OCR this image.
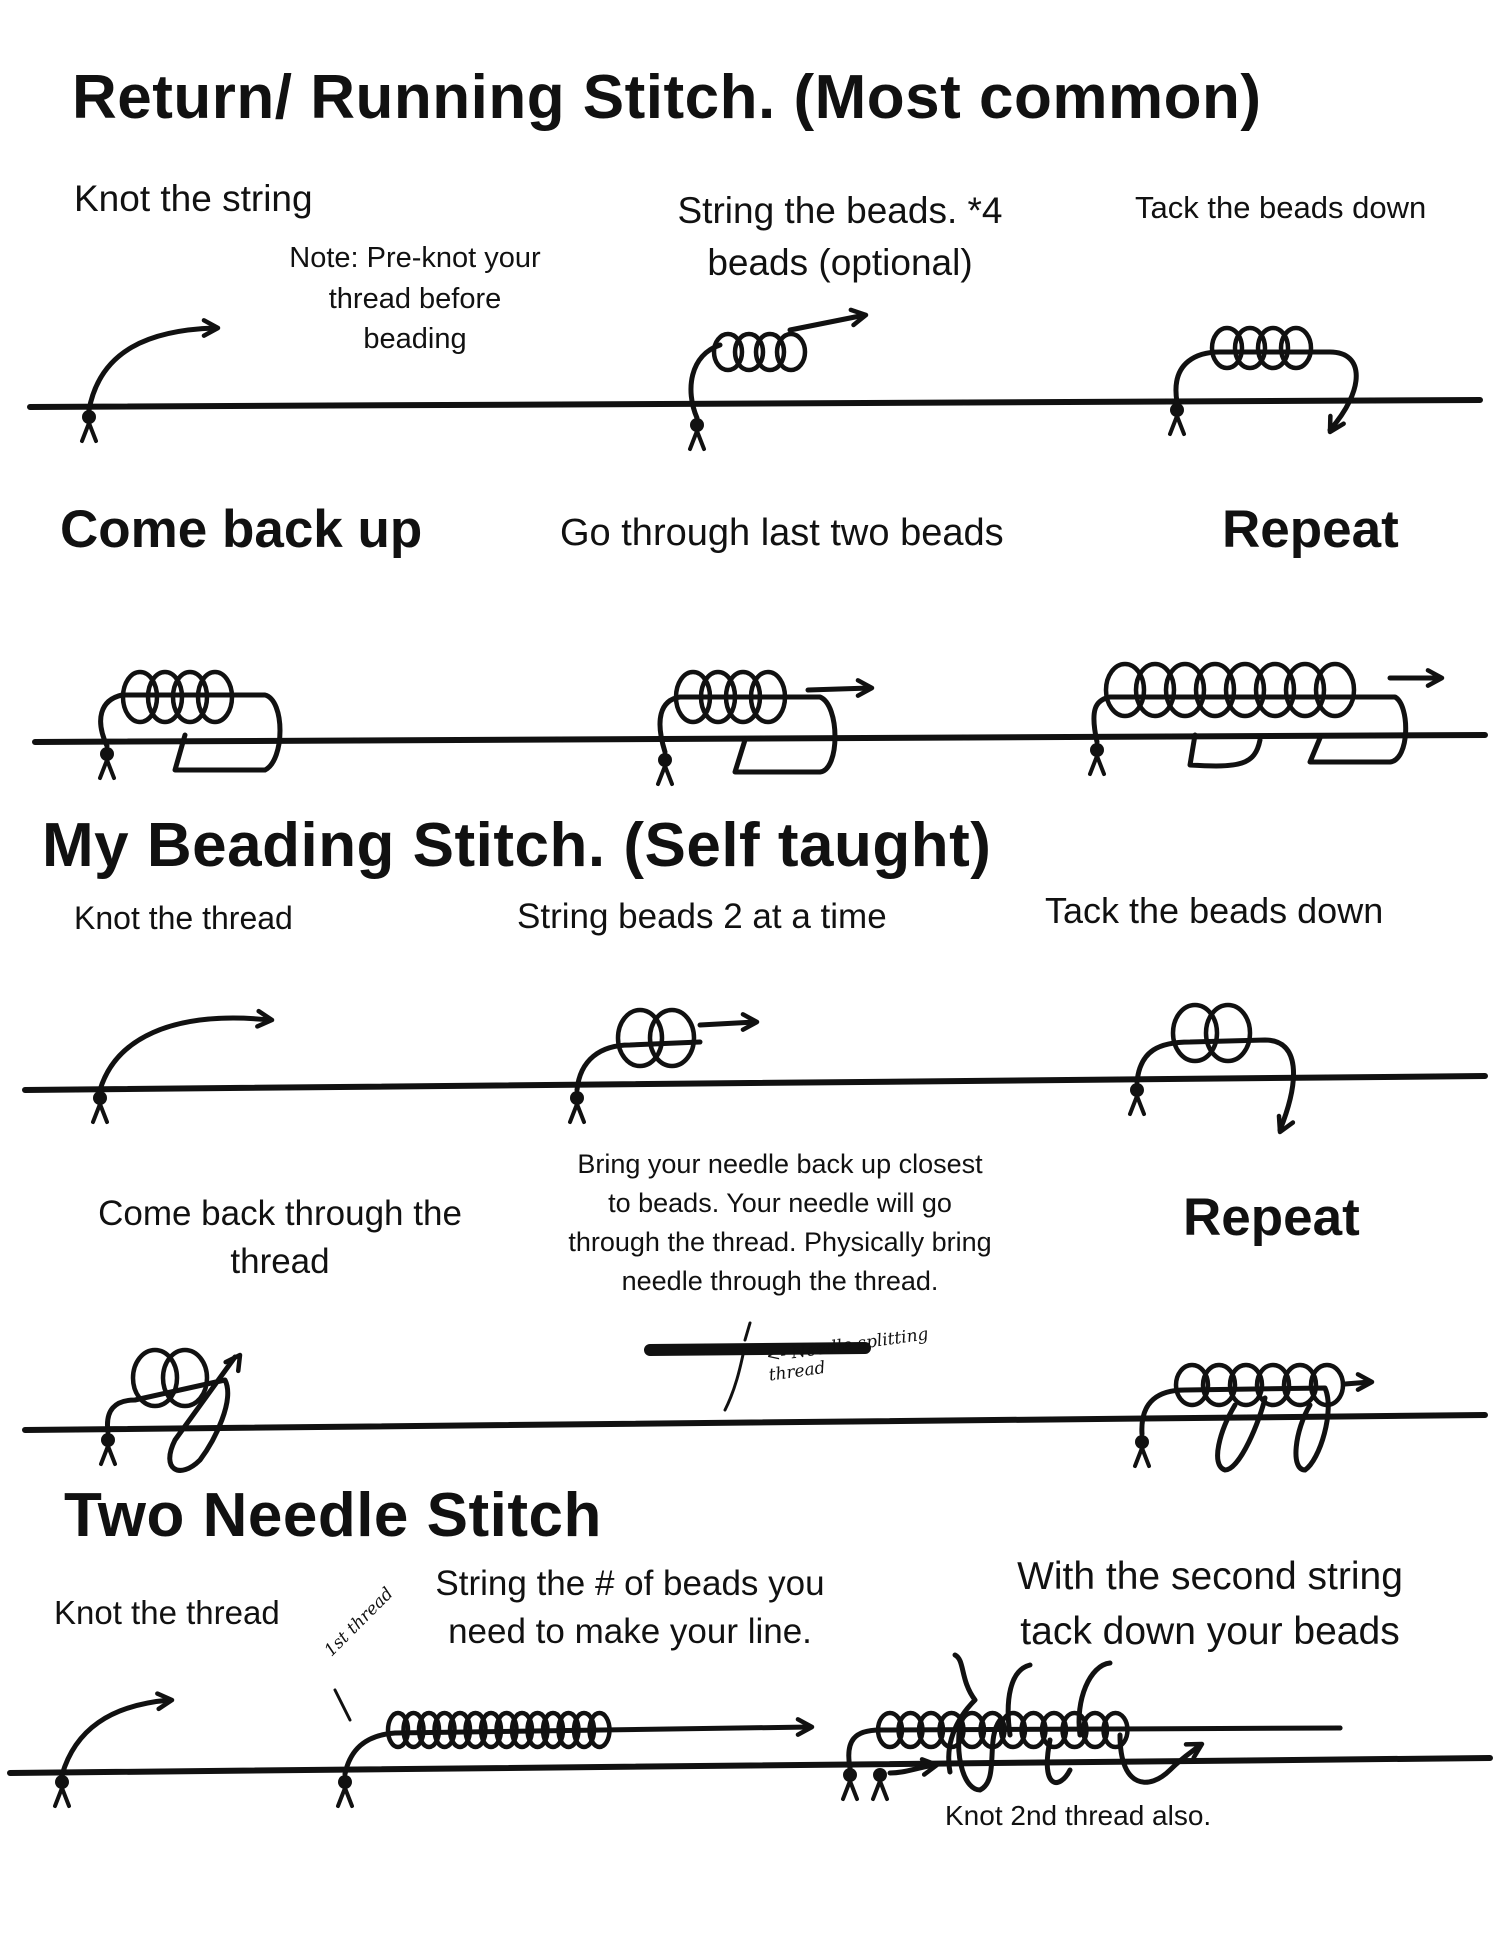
Return/ Running Stitch. (Most common)
Knot the string
Note: Pre-knot your
thread before
beading
String the beads. *4
beads (optional)
Tack the beads down
Come back up	Go through last two beads	Repeat
My Beading Stitch. (Self taught)
Knot the thread	String beads 2 at a time	Tack the beads down
Come back through the
thread
Bring your needle back up closest
to beads. Your needle will go
through the thread. Physically bring
needle through the thread.
Repeat
<- Needle splitting
thread
Two Needle Stitch
Knot the thread
String the # of beads you
need to make your line.
With the second string
tack down your beads
Knot 2nd thread also.
1st thread
